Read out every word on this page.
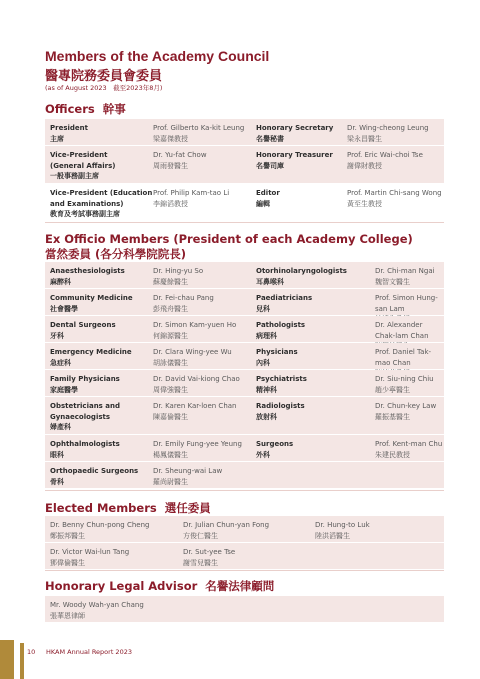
Members of the Academy Council
醫專院務委員會委員
(as of August 2023　截至2023年8月)
Officers 幹事
President
主席
Prof. Gilberto Ka-kit Leung
梁嘉傑教授
Honorary Secretary
名譽秘書
Dr. Wing-cheong Leung
梁永昌醫生
Vice-President
(General Affairs)
一般事務副主席
Dr. Yu-fat Chow
周雨發醫生
Honorary Treasurer
名譽司庫
Prof. Eric Wai-choi Tse
謝偉財教授
Vice-President (Education
and Examinations)
教育及考試事務副主席
Prof. Philip Kam-tao Li
李錦滔教授
Editor
編輯
Prof. Martin Chi-sang Wong
黃至生教授
Ex Officio Members (President of each Academy College)
當然委員 (各分科學院院長)
Anaesthesiologists
麻醉科
Dr. Hing-yu So
蘇慶餘醫生
Otorhinolaryngologists
耳鼻喉科
Dr. Chi-man Ngai
魏智文醫生
Community Medicine
社會醫學
Dr. Fei-chau Pang
彭飛舟醫生
Paediatricians
兒科
Prof. Simon Hung-san Lam
Dental Surgeons
牙科
Dr. Simon Kam-yuen Ho
何錦源醫生
Pathologists
病理科
Dr. Alexander Chak-lam Chan
Emergency Medicine
急症科
Dr. Clara Wing-yee Wu
胡詠儀醫生
Physicians
內科
Prof. Daniel Tak-mao Chan
Family Physicians
家庭醫學
Dr. David Vai-kiong Chao
周偉強醫生
Psychiatrists
精神科
Dr. Siu-ning Chiu
趙少寧醫生
Obstetricians and
Gynaecologists
婦產科
Dr. Karen Kar-loen Chan
陳嘉倫醫生
Radiologists
放射科
Dr. Chun-key Law
羅振基醫生
Ophthalmologists
眼科
Dr. Emily Fung-yee Yeung
楊鳳儀醫生
Surgeons
外科
Prof. Kent-man Chu
朱建民教授
Orthopaedic Surgeons
骨科
Dr. Sheung-wai Law
羅尚尉醫生
Elected Members 選任委員
Dr. Benny Chun-pong Cheng
鄭振邦醫生
Dr. Julian Chun-yan Fong
方俊仁醫生
Dr. Hung-to Luk
陸洪滔醫生
Dr. Victor Wai-lun Tang
鄧偉倫醫生
Dr. Sut-yee Tse
謝雪兒醫生
Honorary Legal Advisor 名譽法律顧問
Mr. Woody Wah-yan Chang
張華恩律師
10 HKAM Annual Report 2023
